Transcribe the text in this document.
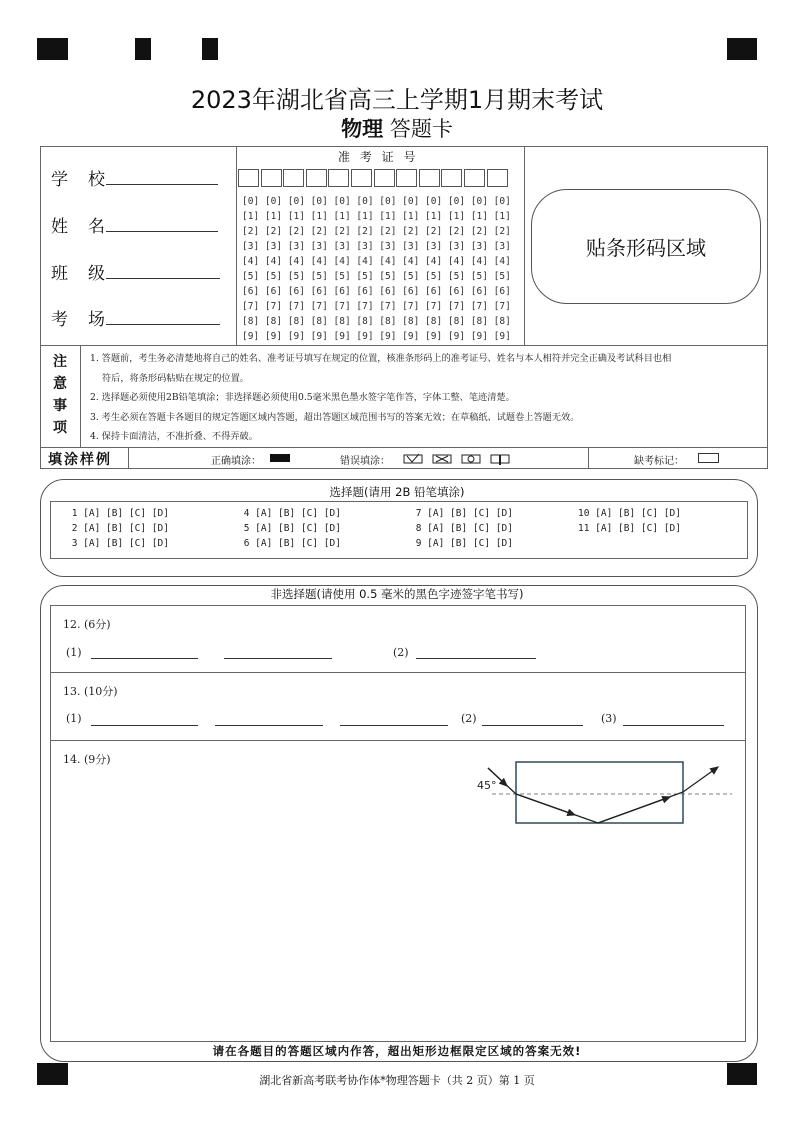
2023年湖北省高三上学期1月期末考试
物理 答题卡
学校
姓名
班级
考场
准 考 证 号
[0] [0] [0] [0] [0] [0] [0] [0] [0] [0] [0] [0]
[1] [1] [1] [1] [1] [1] [1] [1] [1] [1] [1] [1]
[2] [2] [2] [2] [2] [2] [2] [2] [2] [2] [2] [2]
[3] [3] [3] [3] [3] [3] [3] [3] [3] [3] [3] [3]
[4] [4] [4] [4] [4] [4] [4] [4] [4] [4] [4] [4]
[5] [5] [5] [5] [5] [5] [5] [5] [5] [5] [5] [5]
[6] [6] [6] [6] [6] [6] [6] [6] [6] [6] [6] [6]
[7] [7] [7] [7] [7] [7] [7] [7] [7] [7] [7] [7]
[8] [8] [8] [8] [8] [8] [8] [8] [8] [8] [8] [8]
[9] [9] [9] [9] [9] [9] [9] [9] [9] [9] [9] [9]
贴条形码区域
注
意
事
项

1. 答题前，考生务必清楚地将自己的姓名、准考证号填写在规定的位置，核准条形码上的准考证号、姓名与本人相符并完全正确及考试科目也相

符后，将条形码粘贴在规定的位置。

2. 选择题必须使用2B铅笔填涂；非选择题必须使用0.5毫米黑色墨水签字笔作答，字体工整、笔迹清楚。

3. 考生必须在答题卡各题目的规定答题区域内答题，超出答题区域范围书写的答案无效；在草稿纸、试题卷上答题无效。

4. 保持卡面清洁，不准折叠、不得弄破。

填涂样例	正确填涂：	错误填涂：	缺考标记：
选择题(请用 2B 铅笔填涂)
1 [A] [B] [C] [D]
2 [A] [B] [C] [D]
3 [A] [B] [C] [D]
4 [A] [B] [C] [D]
5 [A] [B] [C] [D]
6 [A] [B] [C] [D]
7 [A] [B] [C] [D]
8 [A] [B] [C] [D]
9 [A] [B] [C] [D]
10 [A] [B] [C] [D]
11 [A] [B] [C] [D]
非选择题(请使用 0.5 毫米的黑色字迹签字笔书写)
12. (6分)
(1)	(2)
13. (10分)
(1)	(2)	(3)
14. (9分)
45°
请在各题目的答题区域内作答，超出矩形边框限定区域的答案无效!
湖北省新高考联考协作体*物理答题卡（共 2 页）第 1 页
